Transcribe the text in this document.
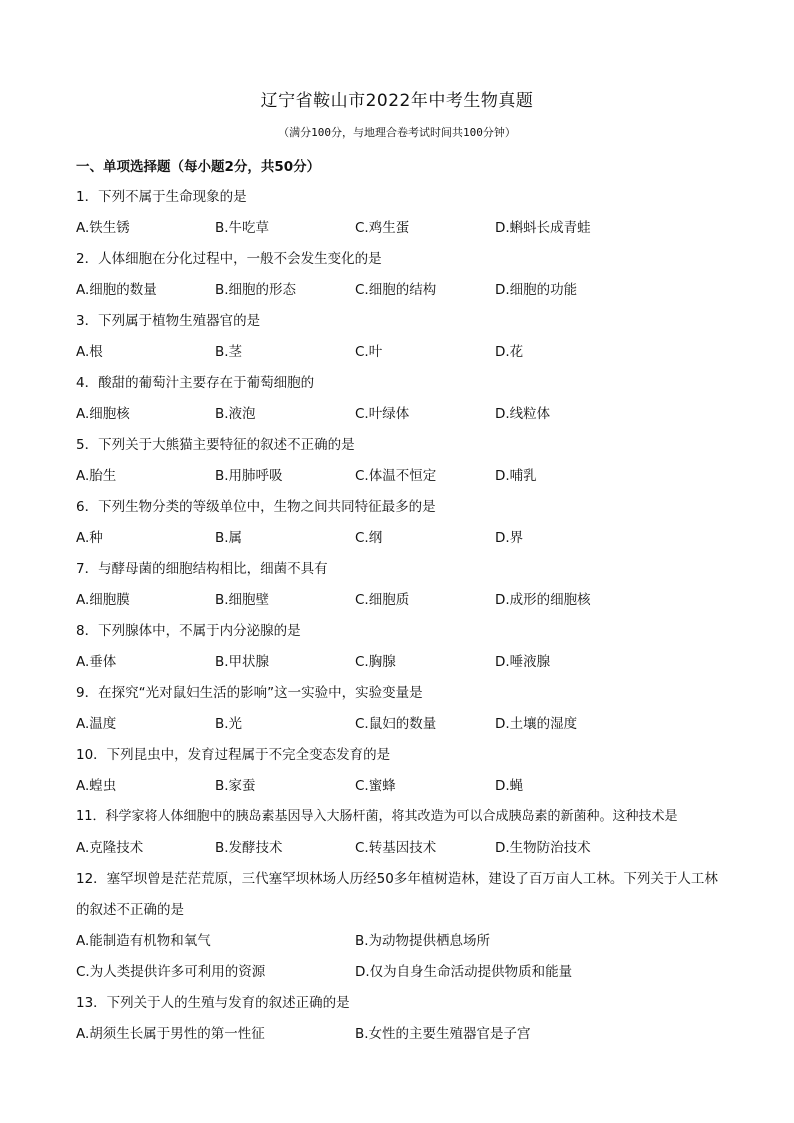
辽宁省鞍山市2022年中考生物真题
（满分100分，与地理合卷考试时间共100分钟）
一、单项选择题（每小题2分，共50分）
1．下列不属于生命现象的是
A.铁生锈	B.牛吃草	C.鸡生蛋	D.蝌蚪长成青蛙
2．人体细胞在分化过程中，一般不会发生变化的是
A.细胞的数量	B.细胞的形态	C.细胞的结构	D.细胞的功能
3．下列属于植物生殖器官的是
A.根	B.茎	C.叶	D.花
4．酸甜的葡萄汁主要存在于葡萄细胞的
A.细胞核	B.液泡	C.叶绿体	D.线粒体
5．下列关于大熊猫主要特征的叙述不正确的是
A.胎生	B.用肺呼吸	C.体温不恒定	D.哺乳
6．下列生物分类的等级单位中，生物之间共同特征最多的是
A.种	B.属	C.纲	D.界
7．与酵母菌的细胞结构相比，细菌不具有
A.细胞膜	B.细胞壁	C.细胞质	D.成形的细胞核
8．下列腺体中，不属于内分泌腺的是
A.垂体	B.甲状腺	C.胸腺	D.唾液腺
9．在探究“光对鼠妇生活的影响”这一实验中，实验变量是
A.温度	B.光	C.鼠妇的数量	D.土壤的湿度
10．下列昆虫中，发育过程属于不完全变态发育的是
A.蝗虫	B.家蚕	C.蜜蜂	D.蝇
11．科学家将人体细胞中的胰岛素基因导入大肠杆菌，将其改造为可以合成胰岛素的新菌种。这种技术是
A.克隆技术	B.发酵技术	C.转基因技术	D.生物防治技术
12．塞罕坝曾是茫茫荒原，三代塞罕坝林场人历经50多年植树造林，建设了百万亩人工林。下列关于人工林的叙述不正确的是
A.能制造有机物和氧气	B.为动物提供栖息场所
C.为人类提供许多可利用的资源	D.仅为自身生命活动提供物质和能量
13．下列关于人的生殖与发育的叙述正确的是
A.胡须生长属于男性的第一性征	B.女性的主要生殖器官是子宫
